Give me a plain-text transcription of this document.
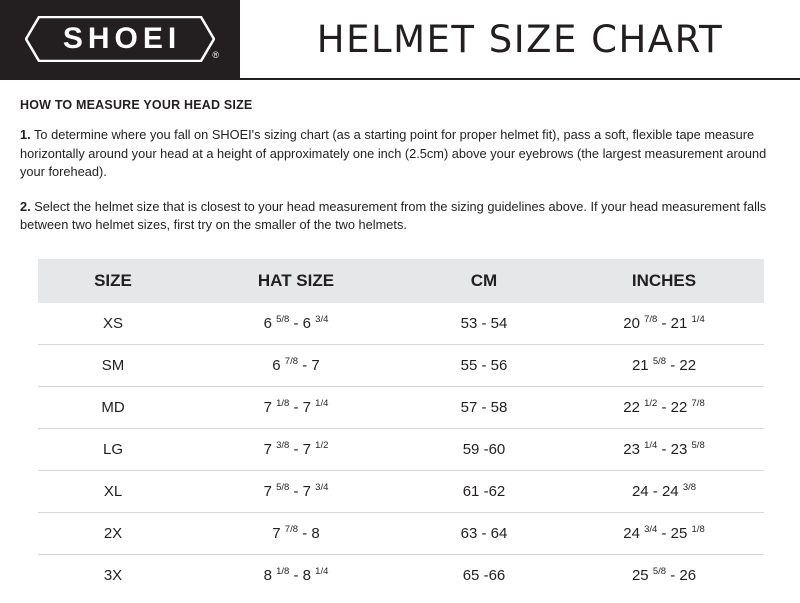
SHOEI	®	HELMET SIZE CHART
HOW TO MEASURE YOUR HEAD SIZE

1. To determine where you fall on SHOEI's sizing chart (as a starting point for proper helmet fit), pass a soft, flexible tape measure horizontally around your head at a height of approximately one inch (2.5cm) above your eyebrows (the largest measurement around your forehead).

2. Select the helmet size that is closest to your head measurement from the sizing guidelines above. If your head measurement falls between two helmet sizes, first try on the smaller of the two helmets.

SIZE	HAT SIZE	CM	INCHES
XS	6 $^{5/8}$ - 6 $^{3/4}$	53 - 54	20 $^{7/8}$ - 21 $^{1/4}$
SM	6 $^{7/8}$ - 7	55 - 56	21 $^{5/8}$ - 22
MD	7 $^{1/8}$ - 7 $^{1/4}$	57 - 58	22 $^{1/2}$ - 22 $^{7/8}$
LG	7 $^{3/8}$ - 7 $^{1/2}$	59 -60	23 $^{1/4}$ - 23 $^{5/8}$
XL	7 $^{5/8}$ - 7 $^{3/4}$	61 -62	24 - 24 $^{3/8}$
2X	7 $^{7/8}$ - 8	63 - 64	24 $^{3/4}$ - 25 $^{1/8}$
3X	8 $^{1/8}$ - 8 $^{1/4}$	65 -66	25 $^{5/8}$ - 26
